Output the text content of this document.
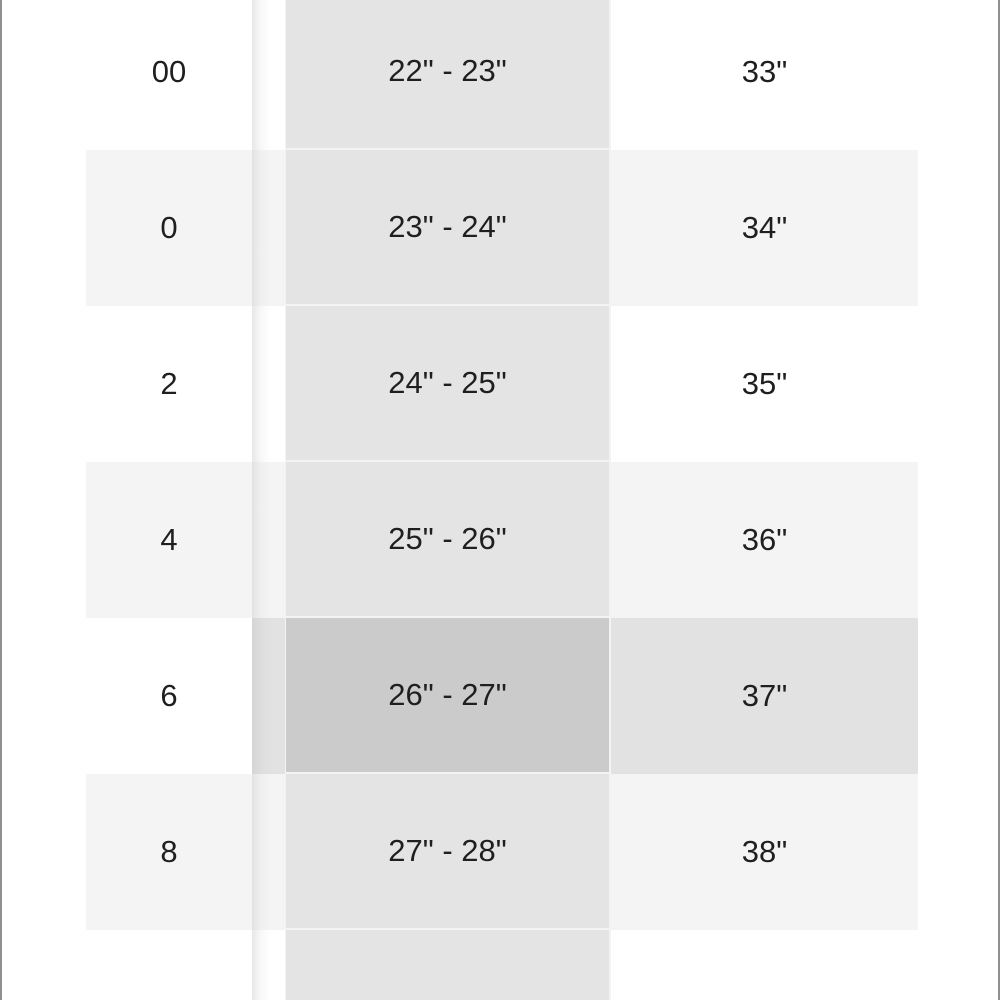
00	22" - 23"	33"
0	23" - 24"	34"
2	24" - 25"	35"
4	25" - 26"	36"
6	26" - 27"	37"
8	27" - 28"	38"
